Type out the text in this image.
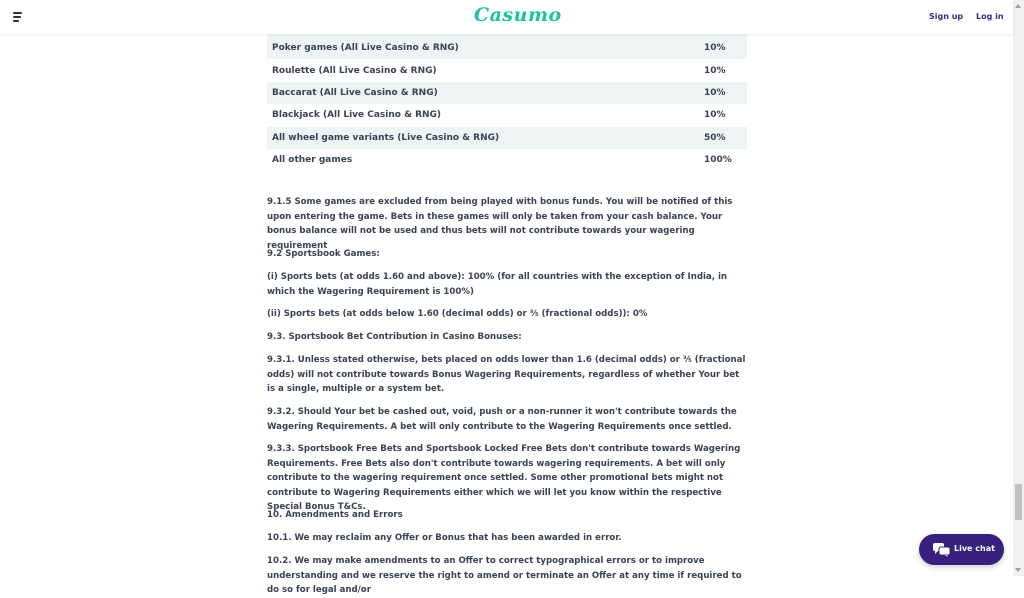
Casumo	Sign up Log in
Poker games (All Live Casino & RNG)	10%
Roulette (All Live Casino & RNG)	10%
Baccarat (All Live Casino & RNG)	10%
Blackjack (All Live Casino & RNG)	10%
All wheel game variants (Live Casino & RNG)	50%
All other games	100%

9.1.5 Some games are excluded from being played with bonus funds. You will be notified of this upon entering the game. Bets in these games will only be taken from your cash balance. Your bonus balance will not be used and thus bets will not contribute towards your wagering requirement

9.2 Sportsbook Games:

(i) Sports bets (at odds 1.60 and above): 100% (for all countries with the exception of India, in which the Wagering Requirement is 100%)

(ii) Sports bets (at odds below 1.60 (decimal odds) or ⅗ (fractional odds)): 0%

9.3. Sportsbook Bet Contribution in Casino Bonuses:

9.3.1. Unless stated otherwise, bets placed on odds lower than 1.6 (decimal odds) or ⅗ (fractional odds) will not contribute towards Bonus Wagering Requirements, regardless of whether Your bet is a single, multiple or a system bet.

9.3.2. Should Your bet be cashed out, void, push or a non-runner it won't contribute towards the Wagering Requirements. A bet will only contribute to the Wagering Requirements once settled.

9.3.3. Sportsbook Free Bets and Sportsbook Locked Free Bets don't contribute towards Wagering Requirements. Free Bets also don't contribute towards wagering requirements. A bet will only contribute to the wagering requirement once settled. Some other promotional bets might not contribute to Wagering Requirements either which we will let you know within the respective Special Bonus T&Cs.

10. Amendments and Errors

10.1. We may reclaim any Offer or Bonus that has been awarded in error.

10.2. We may make amendments to an Offer to correct typographical errors or to improve understanding and we reserve the right to amend or terminate an Offer at any time if required to do so for legal and/or

Live chat
